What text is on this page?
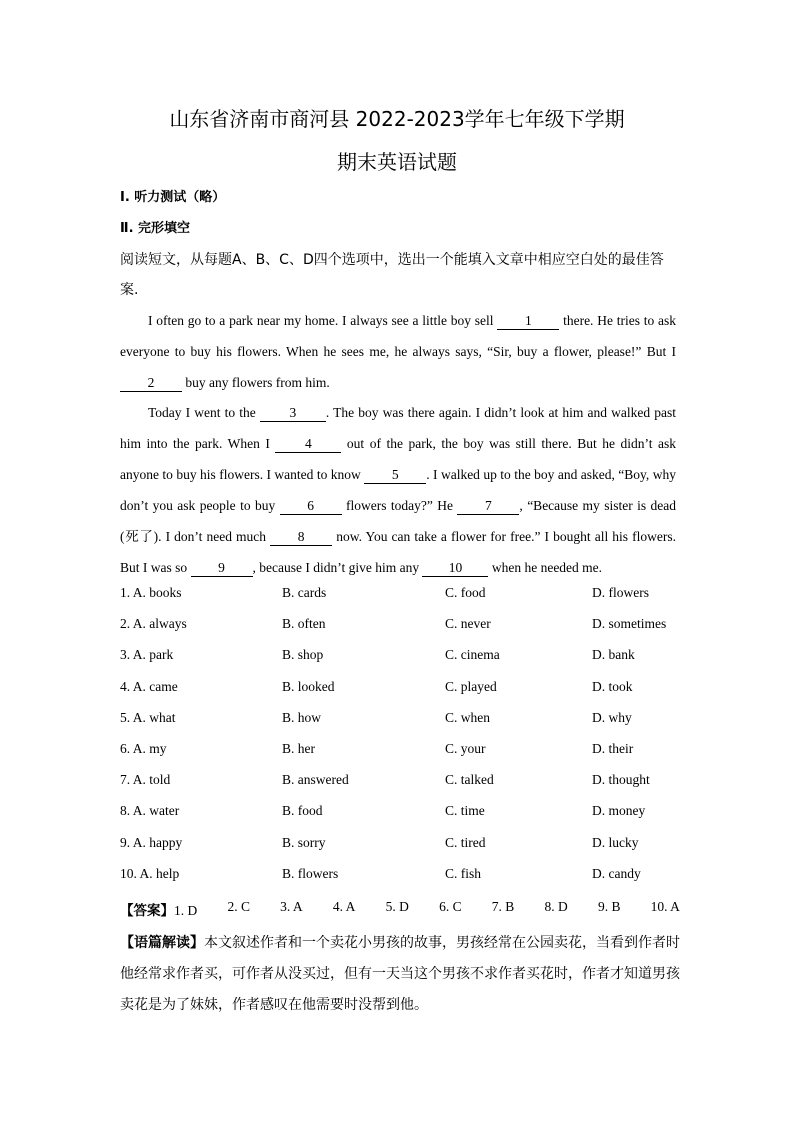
山东省济南市商河县 2022-2023学年七年级下学期
期末英语试题
Ⅰ. 听力测试（略）
Ⅱ. 完形填空
阅读短文，从每题A、B、C、D四个选项中，选出一个能填入文章中相应空白处的最佳答案.
I often go to a park near my home. I always see a little boy sell 1 there. He tries to ask everyone to buy his flowers. When he sees me, he always says, “Sir, buy a flower, please!” But I 2 buy any flowers from him.
Today I went to the 3 . The boy was there again. I didn’t look at him and walked past him into the park. When I 4 out of the park, the boy was still there. But he didn’t ask anyone to buy his flowers. I wanted to know 5 . I walked up to the boy and asked, “Boy, why don’t you ask people to buy 6 flowers today?” He 7 , “Because my sister is dead (死了). I don’t need much 8 now. You can take a flower for free.” I bought all his flowers. But I was so 9 , because I didn’t give him any 10 when he needed me.
1. A. books	B. cards	C. food	D. flowers
2. A. always	B. often	C. never	D. sometimes
3. A. park	B. shop	C. cinema	D. bank
4. A. came	B. looked	C. played	D. took
5. A. what	B. how	C. when	D. why
6. A. my	B. her	C. your	D. their
7. A. told	B. answered	C. talked	D. thought
8. A. water	B. food	C. time	D. money
9. A. happy	B. sorry	C. tired	D. lucky
10. A. help	B. flowers	C. fish	D. candy
【答案】1. D 2. C 3. A 4. A 5. D 6. C 7. B 8. D 9. B 10. A
【语篇解读】本文叙述作者和一个卖花小男孩的故事，男孩经常在公园卖花，当看到作者时他经常求作者买，可作者从没买过，但有一天当这个男孩不求作者买花时，作者才知道男孩卖花是为了妹妹，作者感叹在他需要时没帮到他。
